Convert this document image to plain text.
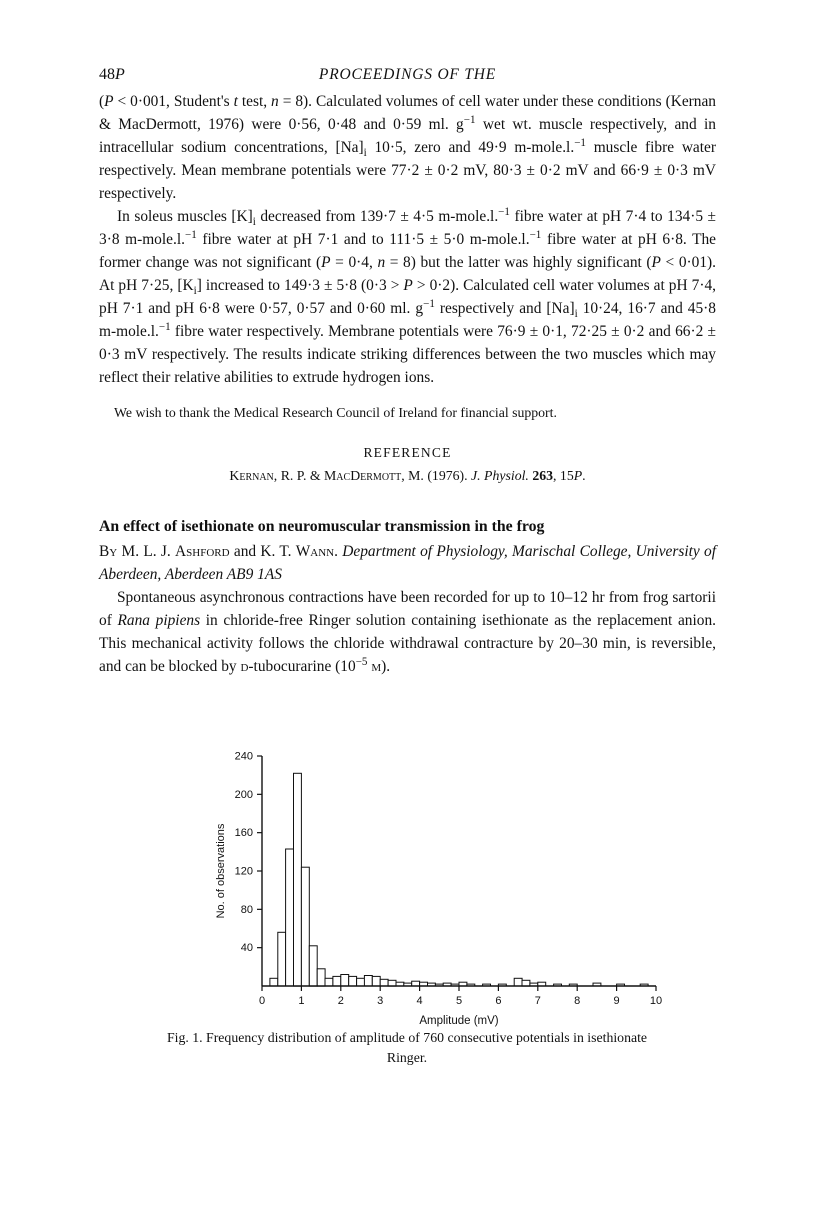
48P	PROCEEDINGS OF THE

(P < 0·001, Student's t test, n = 8). Calculated volumes of cell water under these conditions (Kernan & MacDermott, 1976) were 0·56, 0·48 and 0·59 ml. $g^{-1}$ wet wt. muscle respectively, and in intracellular sodium concentrations, $[Na]_i$ 10·5, zero and 49·9 m-mole.l.$^{-1}$ muscle fibre water respectively. Mean membrane potentials were 77·2 ± 0·2 mV, 80·3 ± 0·2 mV and 66·9 ± 0·3 mV respectively.

In soleus muscles $[K]_i$ decreased from 139·7 ± 4·5 m-mole.l.$^{-1}$ fibre water at pH 7·4 to 134·5 ± 3·8 m-mole.l.$^{-1}$ fibre water at pH 7·1 and to 111·5 ± 5·0 m-mole.l.$^{-1}$ fibre water at pH 6·8. The former change was not significant (P = 0·4, n = 8) but the latter was highly significant (P < 0·01). At pH 7·25, $[K_i]$ increased to 149·3 ± 5·8 (0·3 > P > 0·2). Calculated cell water volumes at pH 7·4, pH 7·1 and pH 6·8 were 0·57, 0·57 and 0·60 ml. $g^{-1}$ respectively and $[Na]_i$ 10·24, 16·7 and 45·8 m-mole.l.$^{-1}$ fibre water respectively. Membrane potentials were 76·9 ± 0·1, 72·25 ± 0·2 and 66·2 ± 0·3 mV respectively. The results indicate striking differences between the two muscles which may reflect their relative abilities to extrude hydrogen ions.

We wish to thank the Medical Research Council of Ireland for financial support.

REFERENCE

Kernan, R. P. & MacDermott, M. (1976). J. Physiol. 263, 15P.

An effect of isethionate on neuromuscular transmission in the frog

By M. L. J. Ashford and K. T. Wann. Department of Physiology, Marischal College, University of Aberdeen, Aberdeen AB9 1AS

Spontaneous asynchronous contractions have been recorded for up to 10–12 hr from frog sartorii of Rana pipiens in chloride-free Ringer solution containing isethionate as the replacement anion. This mechanical activity follows the chloride withdrawal contracture by 20–30 min, is reversible, and can be blocked by d-tubocurarine ($10^{-5}$ m).

40
80
120
160
200
240
0	1	2	3	4	5	6	7	8	9	10
No. of observations
Amplitude (mV)
Fig. 1. Frequency distribution of amplitude of 760 consecutive potentials in isethionate Ringer.
